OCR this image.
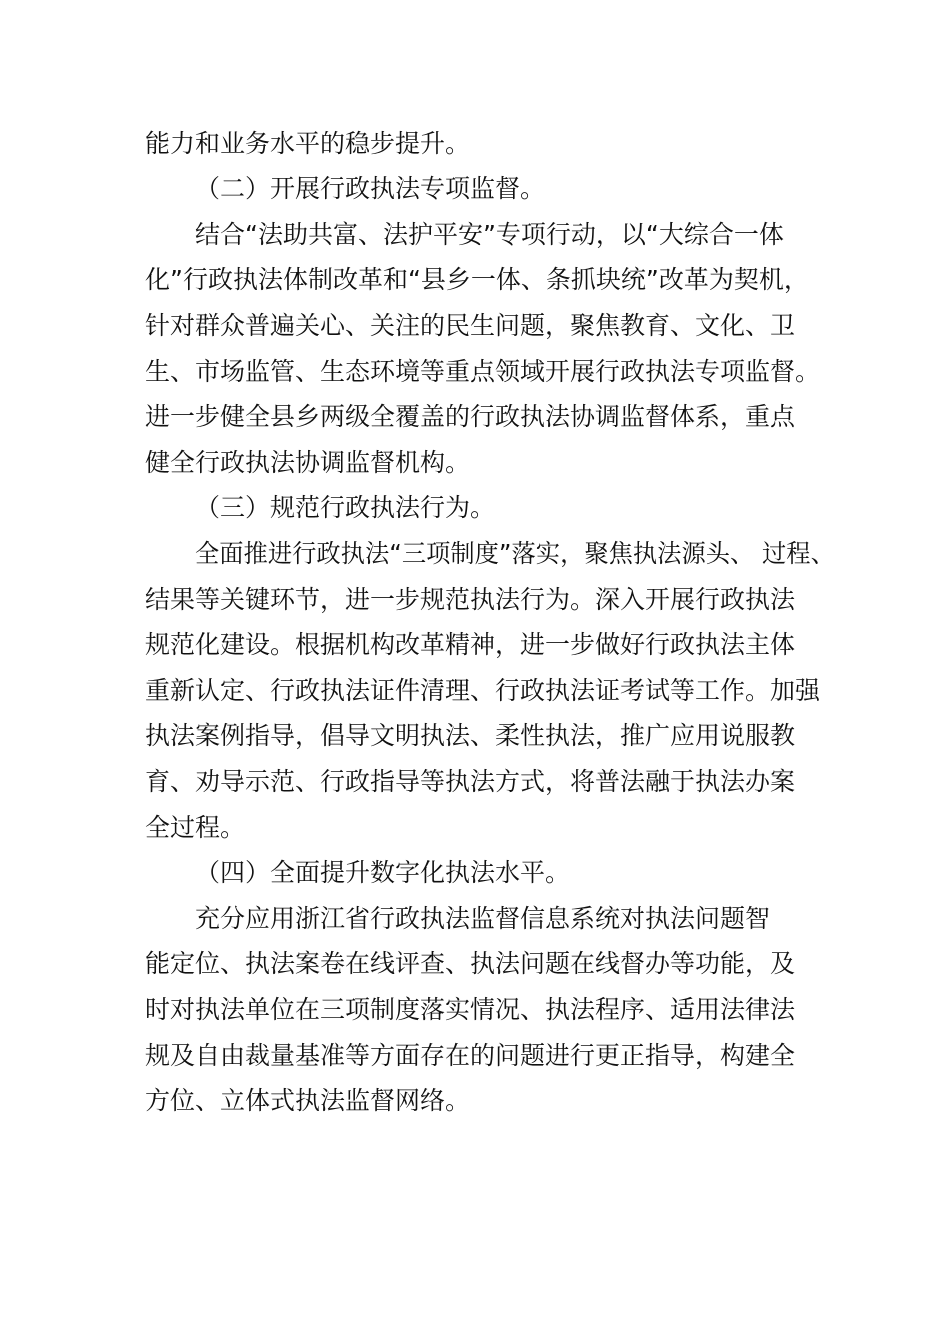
能力和业务水平的稳步提升。
（二）开展行政执法专项监督。
结合“法助共富、法护平安”专项行动，以“大综合一体
化”行政执法体制改革和“县乡一体、条抓块统”改革为契机，
针对群众普遍关心、关注的民生问题，聚焦教育、文化、卫
生、市场监管、生态环境等重点领域开展行政执法专项监督。
进一步健全县乡两级全覆盖的行政执法协调监督体系，重点
健全行政执法协调监督机构。
（三）规范行政执法行为。
全面推进行政执法“三项制度”落实，聚焦执法源头、 过程、
结果等关键环节，进一步规范执法行为。深入开展行政执法
规范化建设。根据机构改革精神，进一步做好行政执法主体
重新认定、行政执法证件清理、行政执法证考试等工作。加强
执法案例指导，倡导文明执法、柔性执法，推广应用说服教
育、劝导示范、行政指导等执法方式，将普法融于执法办案
全过程。
（四）全面提升数字化执法水平。
充分应用浙江省行政执法监督信息系统对执法问题智
能定位、执法案卷在线评查、执法问题在线督办等功能，及
时对执法单位在三项制度落实情况、执法程序、适用法律法
规及自由裁量基准等方面存在的问题进行更正指导，构建全
方位、立体式执法监督网络。
